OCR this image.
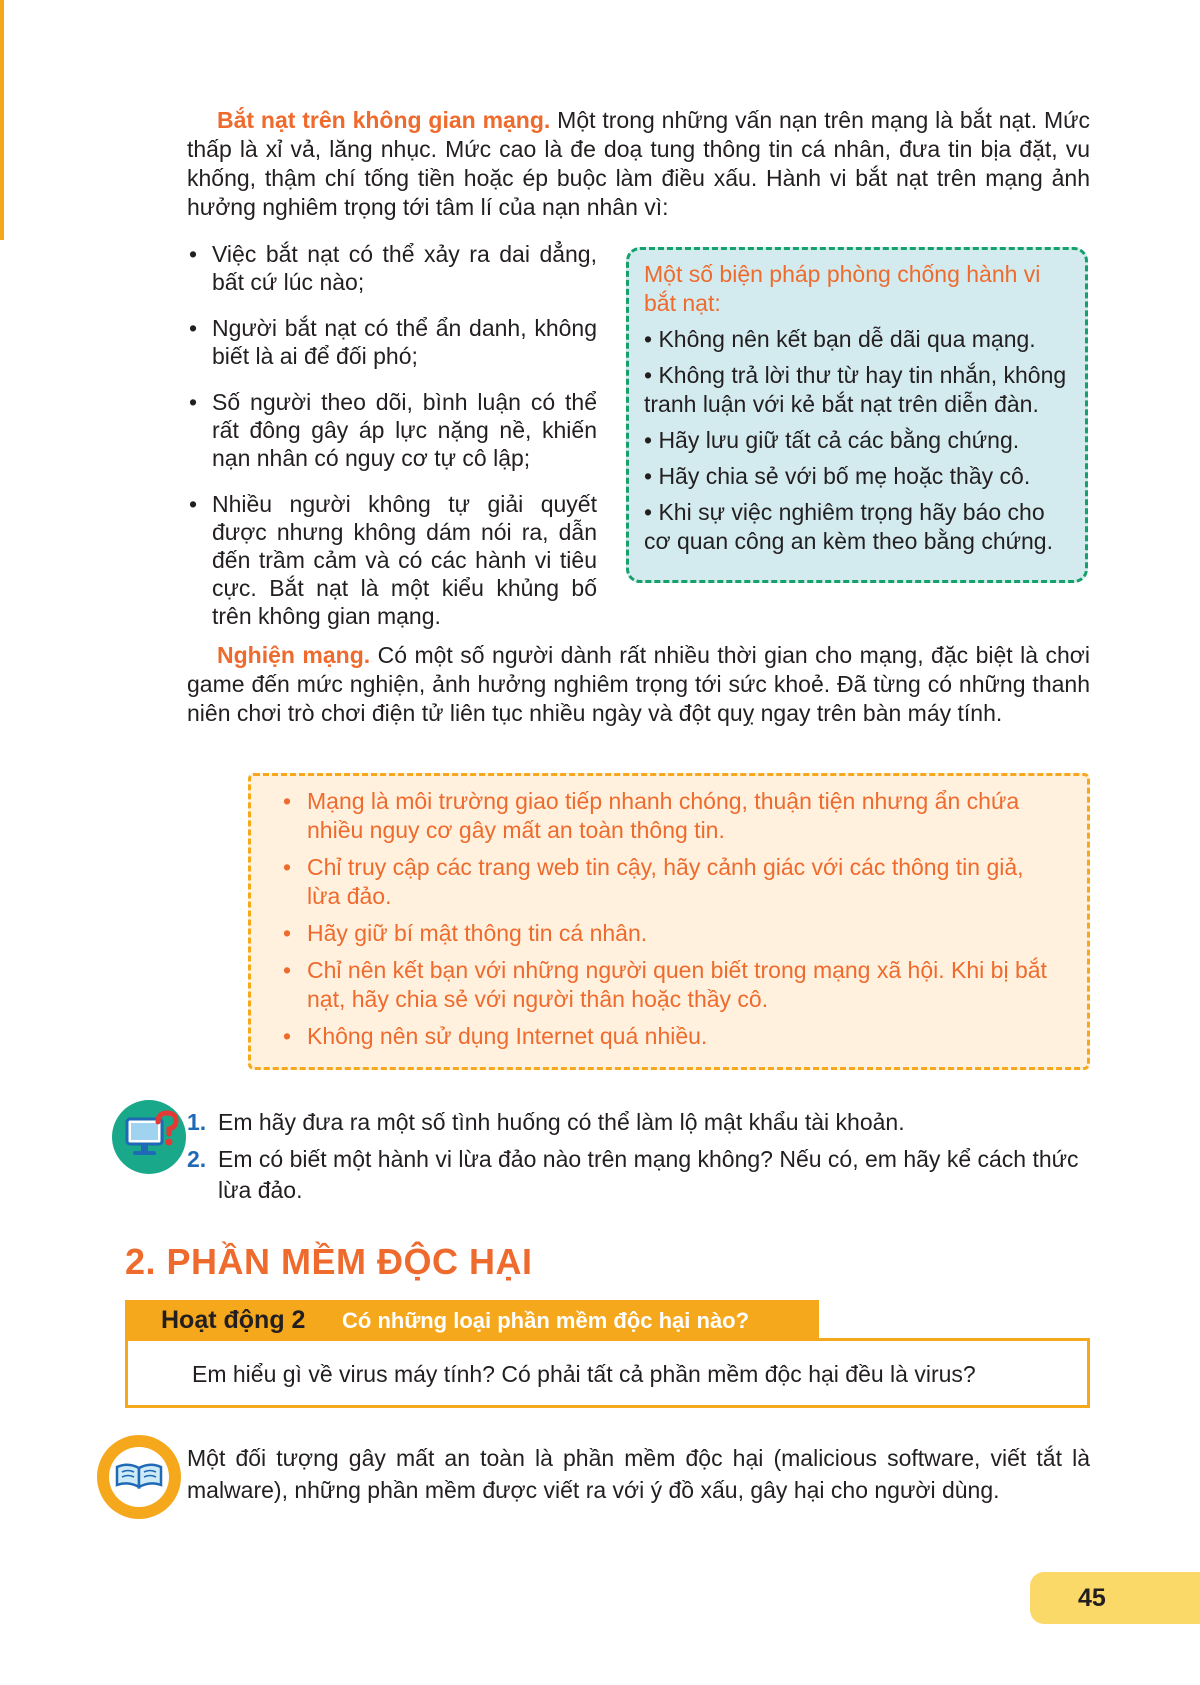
Bắt nạt trên không gian mạng. Một trong những vấn nạn trên mạng là bắt nạt. Mức thấp là xỉ vả, lăng nhục. Mức cao là đe doạ tung thông tin cá nhân, đưa tin bịa đặt, vu khống, thậm chí tống tiền hoặc ép buộc làm điều xấu. Hành vi bắt nạt trên mạng ảnh hưởng nghiêm trọng tới tâm lí của nạn nhân vì:

• Việc bắt nạt có thể xảy ra dai dẳng, bất cứ lúc nào;
• Người bắt nạt có thể ẩn danh, không biết là ai để đối phó;
• Số người theo dõi, bình luận có thể rất đông gây áp lực nặng nề, khiến nạn nhân có nguy cơ tự cô lập;
• Nhiều người không tự giải quyết được nhưng không dám nói ra, dẫn đến trầm cảm và có các hành vi tiêu cực. Bắt nạt là một kiểu khủng bố trên không gian mạng.
Một số biện pháp phòng chống hành vi bắt nạt:
• Không nên kết bạn dễ dãi qua mạng.
• Không trả lời thư từ hay tin nhắn, không tranh luận với kẻ bắt nạt trên diễn đàn.
• Hãy lưu giữ tất cả các bằng chứng.
• Hãy chia sẻ với bố mẹ hoặc thầy cô.
• Khi sự việc nghiêm trọng hãy báo cho cơ quan công an kèm theo bằng chứng.

Nghiện mạng. Có một số người dành rất nhiều thời gian cho mạng, đặc biệt là chơi game đến mức nghiện, ảnh hưởng nghiêm trọng tới sức khoẻ. Đã từng có những thanh niên chơi trò chơi điện tử liên tục nhiều ngày và đột quỵ ngay trên bàn máy tính.

• Mạng là môi trường giao tiếp nhanh chóng, thuận tiện nhưng ẩn chứa nhiều nguy cơ gây mất an toàn thông tin.
• Chỉ truy cập các trang web tin cậy, hãy cảnh giác với các thông tin giả, lừa đảo.
• Hãy giữ bí mật thông tin cá nhân.
• Chỉ nên kết bạn với những người quen biết trong mạng xã hội. Khi bị bắt nạt, hãy chia sẻ với người thân hoặc thầy cô.
• Không nên sử dụng Internet quá nhiều.
1. Em hãy đưa ra một số tình huống có thể làm lộ mật khẩu tài khoản.
2. Em có biết một hành vi lừa đảo nào trên mạng không? Nếu có, em hãy kể cách thức lừa đảo.
2. PHẦN MỀM ĐỘC HẠI
Hoạt động 2 Có những loại phần mềm độc hại nào?
Em hiểu gì về virus máy tính? Có phải tất cả phần mềm độc hại đều là virus?

Một đối tượng gây mất an toàn là phần mềm độc hại (malicious software, viết tắt là malware), những phần mềm được viết ra với ý đồ xấu, gây hại cho người dùng.

45
